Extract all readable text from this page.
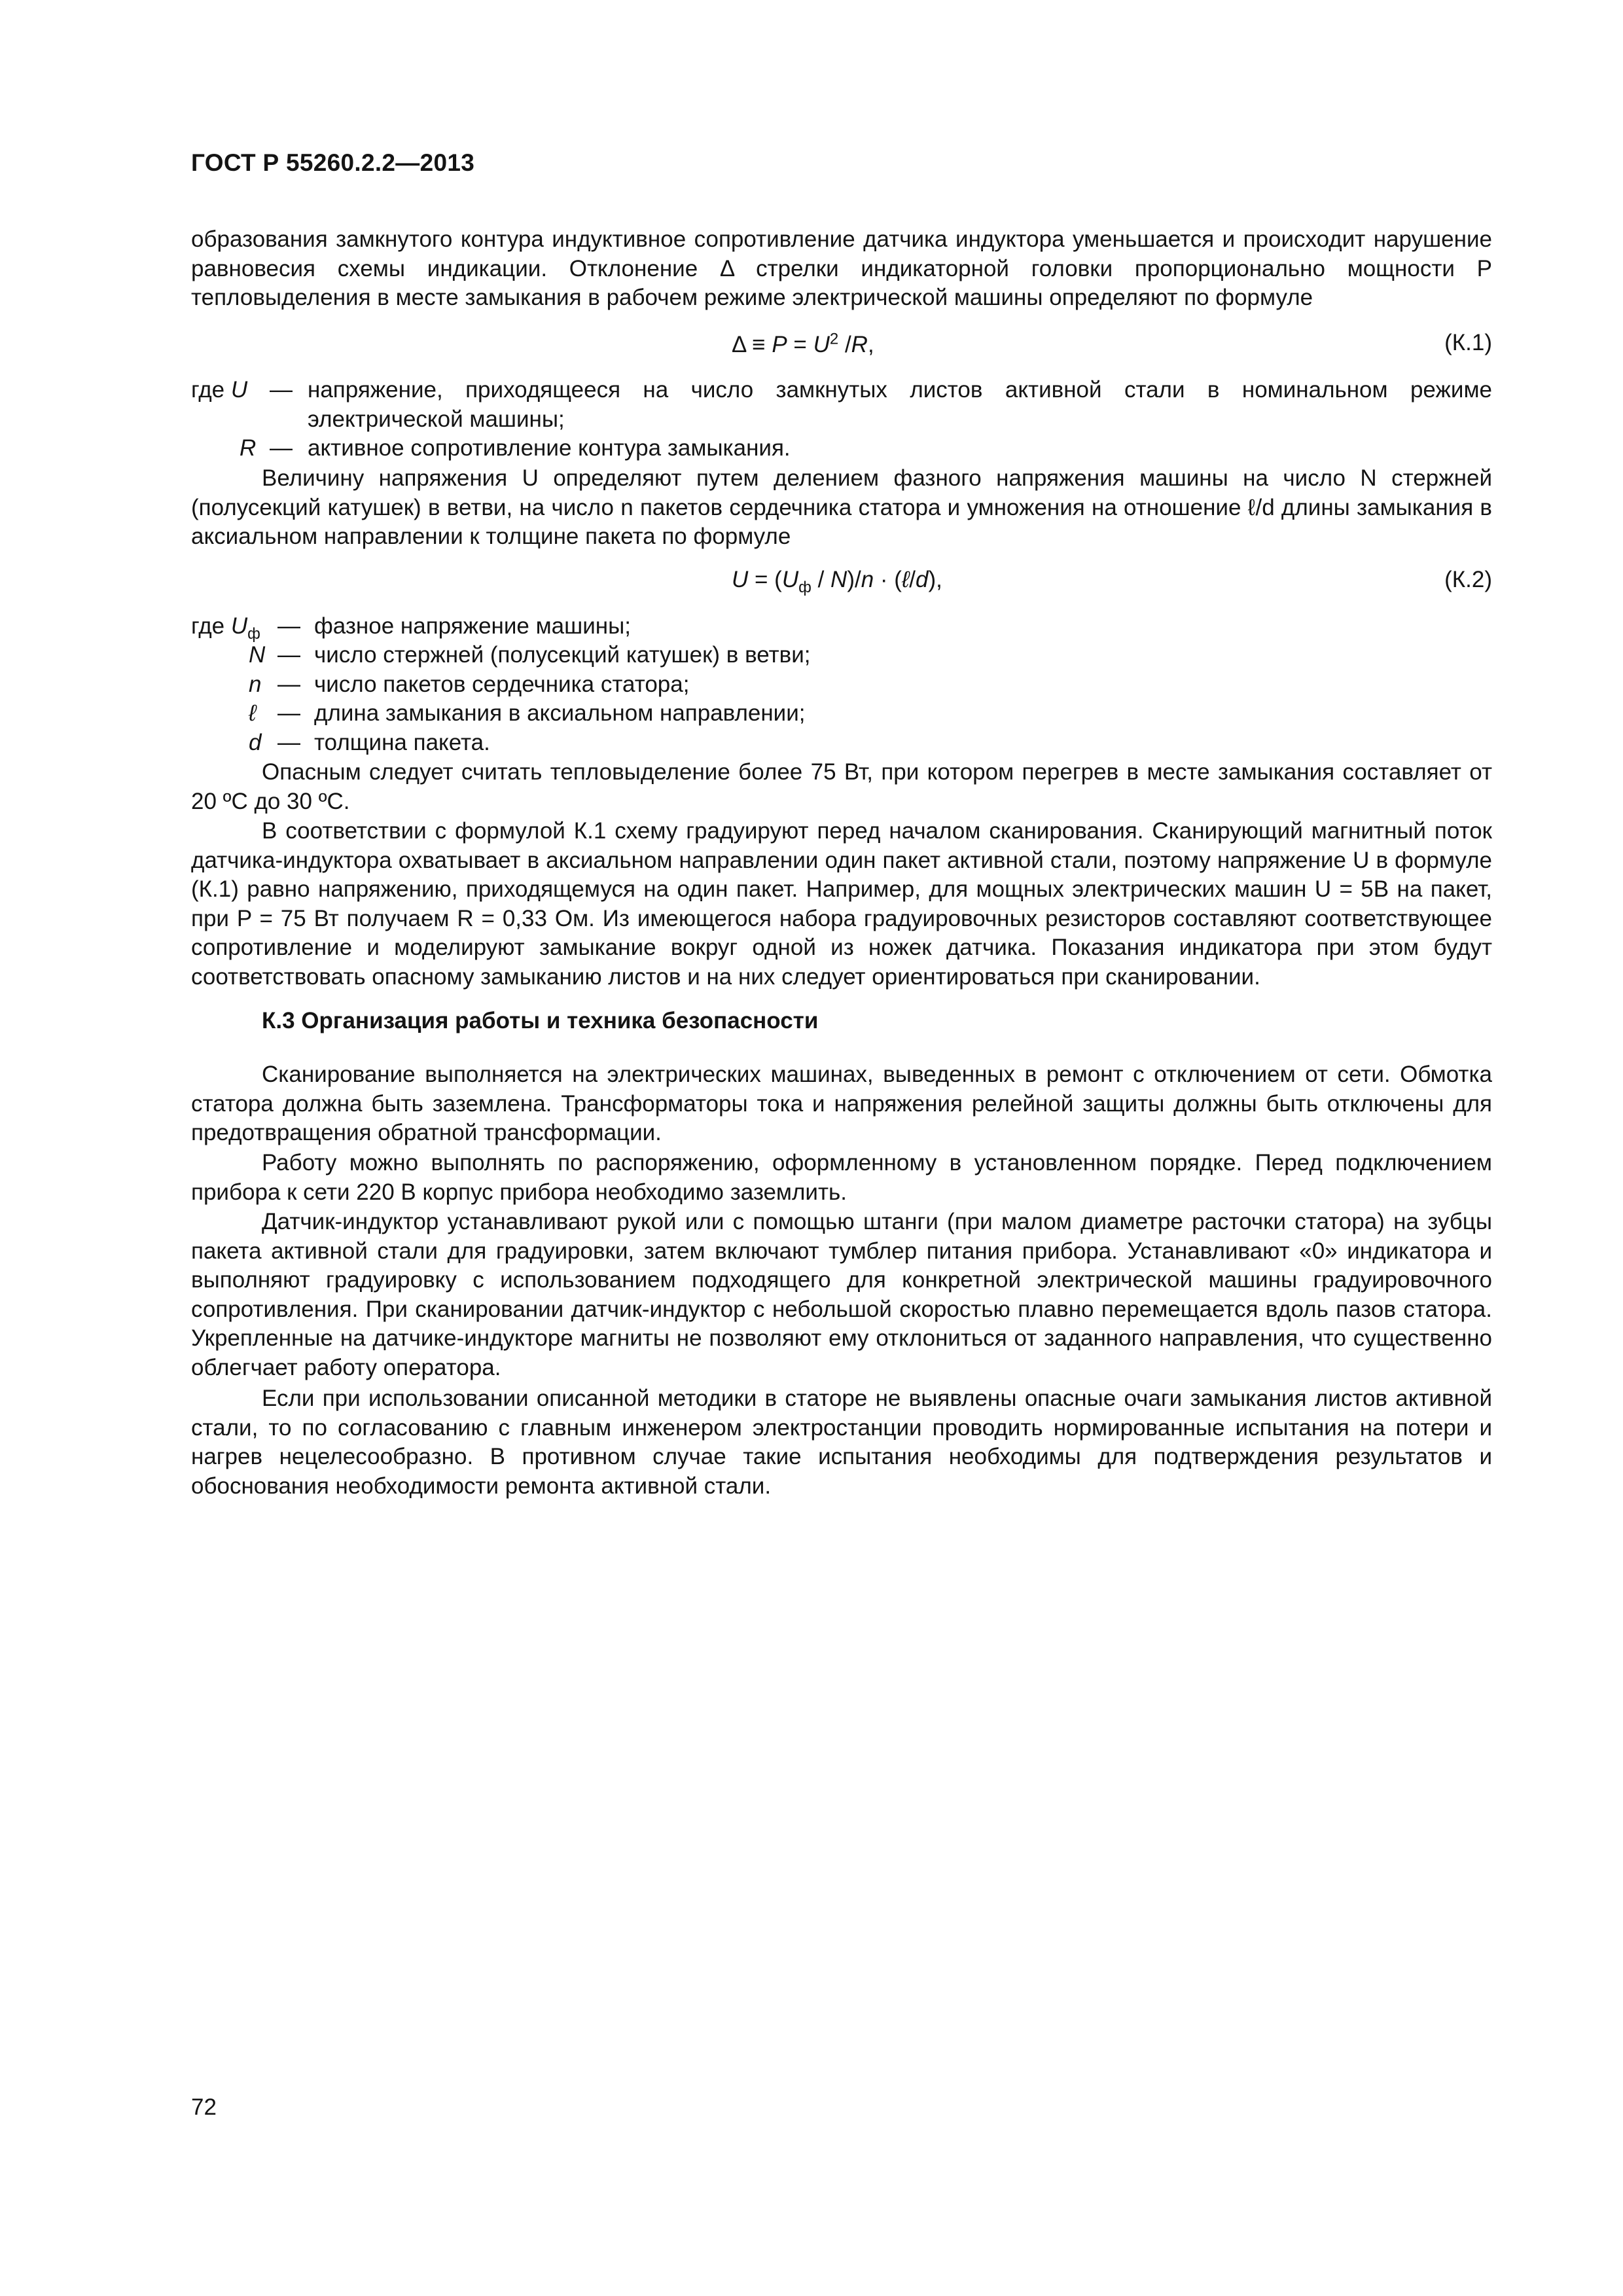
ГОСТ Р 55260.2.2—2013
образования замкнутого контура индуктивное сопротивление датчика индуктора уменьшается и происходит нарушение равновесия схемы индикации. Отклонение Δ стрелки индикаторной головки пропорционально мощности P тепловыделения в месте замыкания в рабочем режиме электрической машины определяют по формуле
$\Delta \equiv P = U^2$ /R,	(К.1)
где U — напряжение, приходящееся на число замкнутых листов активной стали в номинальном режиме электрической машины;
R — активное сопротивление контура замыкания.
Величину напряжения U определяют путем делением фазного напряжения машины на число N стержней (полусекций катушек) в ветви, на число n пакетов сердечника статора и умножения на отношение ℓ/d длины замыкания в аксиальном направлении к толщине пакета по формуле
$U = (U_ф / N)/n$ · (ℓ/d),	(К.2)
где $U_ф$ — фазное напряжение машины;
N — число стержней (полусекций катушек) в ветви;
n — число пакетов сердечника статора;
ℓ — длина замыкания в аксиальном направлении;
d — толщина пакета.
Опасным следует считать тепловыделение более 75 Вт, при котором перегрев в месте замыкания составляет от 20 ºС до 30 ºС.
В соответствии с формулой К.1 схему градуируют перед началом сканирования. Сканирующий магнитный поток датчика-индуктора охватывает в аксиальном направлении один пакет активной стали, поэтому напряжение U в формуле (К.1) равно напряжению, приходящемуся на один пакет. Например, для мощных электрических машин U = 5В на пакет, при P = 75 Вт получаем R = 0,33 Ом. Из имеющегося набора градуировочных резисторов составляют соответствующее сопротивление и моделируют замыкание вокруг одной из ножек датчика. Показания индикатора при этом будут соответствовать опасному замыканию листов и на них следует ориентироваться при сканировании.
К.3 Организация работы и техника безопасности
Сканирование выполняется на электрических машинах, выведенных в ремонт с отключением от сети. Обмотка статора должна быть заземлена. Трансформаторы тока и напряжения релейной защиты должны быть отключены для предотвращения обратной трансформации.
Работу можно выполнять по распоряжению, оформленному в установленном порядке. Перед подключением прибора к сети 220 В корпус прибора необходимо заземлить.
Датчик-индуктор устанавливают рукой или с помощью штанги (при малом диаметре расточки статора) на зубцы пакета активной стали для градуировки, затем включают тумблер питания прибора. Устанавливают «0» индикатора и выполняют градуировку с использованием подходящего для конкретной электрической машины градуировочного сопротивления. При сканировании датчик-индуктор с небольшой скоростью плавно перемещается вдоль пазов статора. Укрепленные на датчике-индукторе магниты не позволяют ему отклониться от заданного направления, что существенно облегчает работу оператора.
Если при использовании описанной методики в статоре не выявлены опасные очаги замыкания листов активной стали, то по согласованию с главным инженером электростанции проводить нормированные испытания на потери и нагрев нецелесообразно. В противном случае такие испытания необходимы для подтверждения результатов и обоснования необходимости ремонта активной стали.
72
